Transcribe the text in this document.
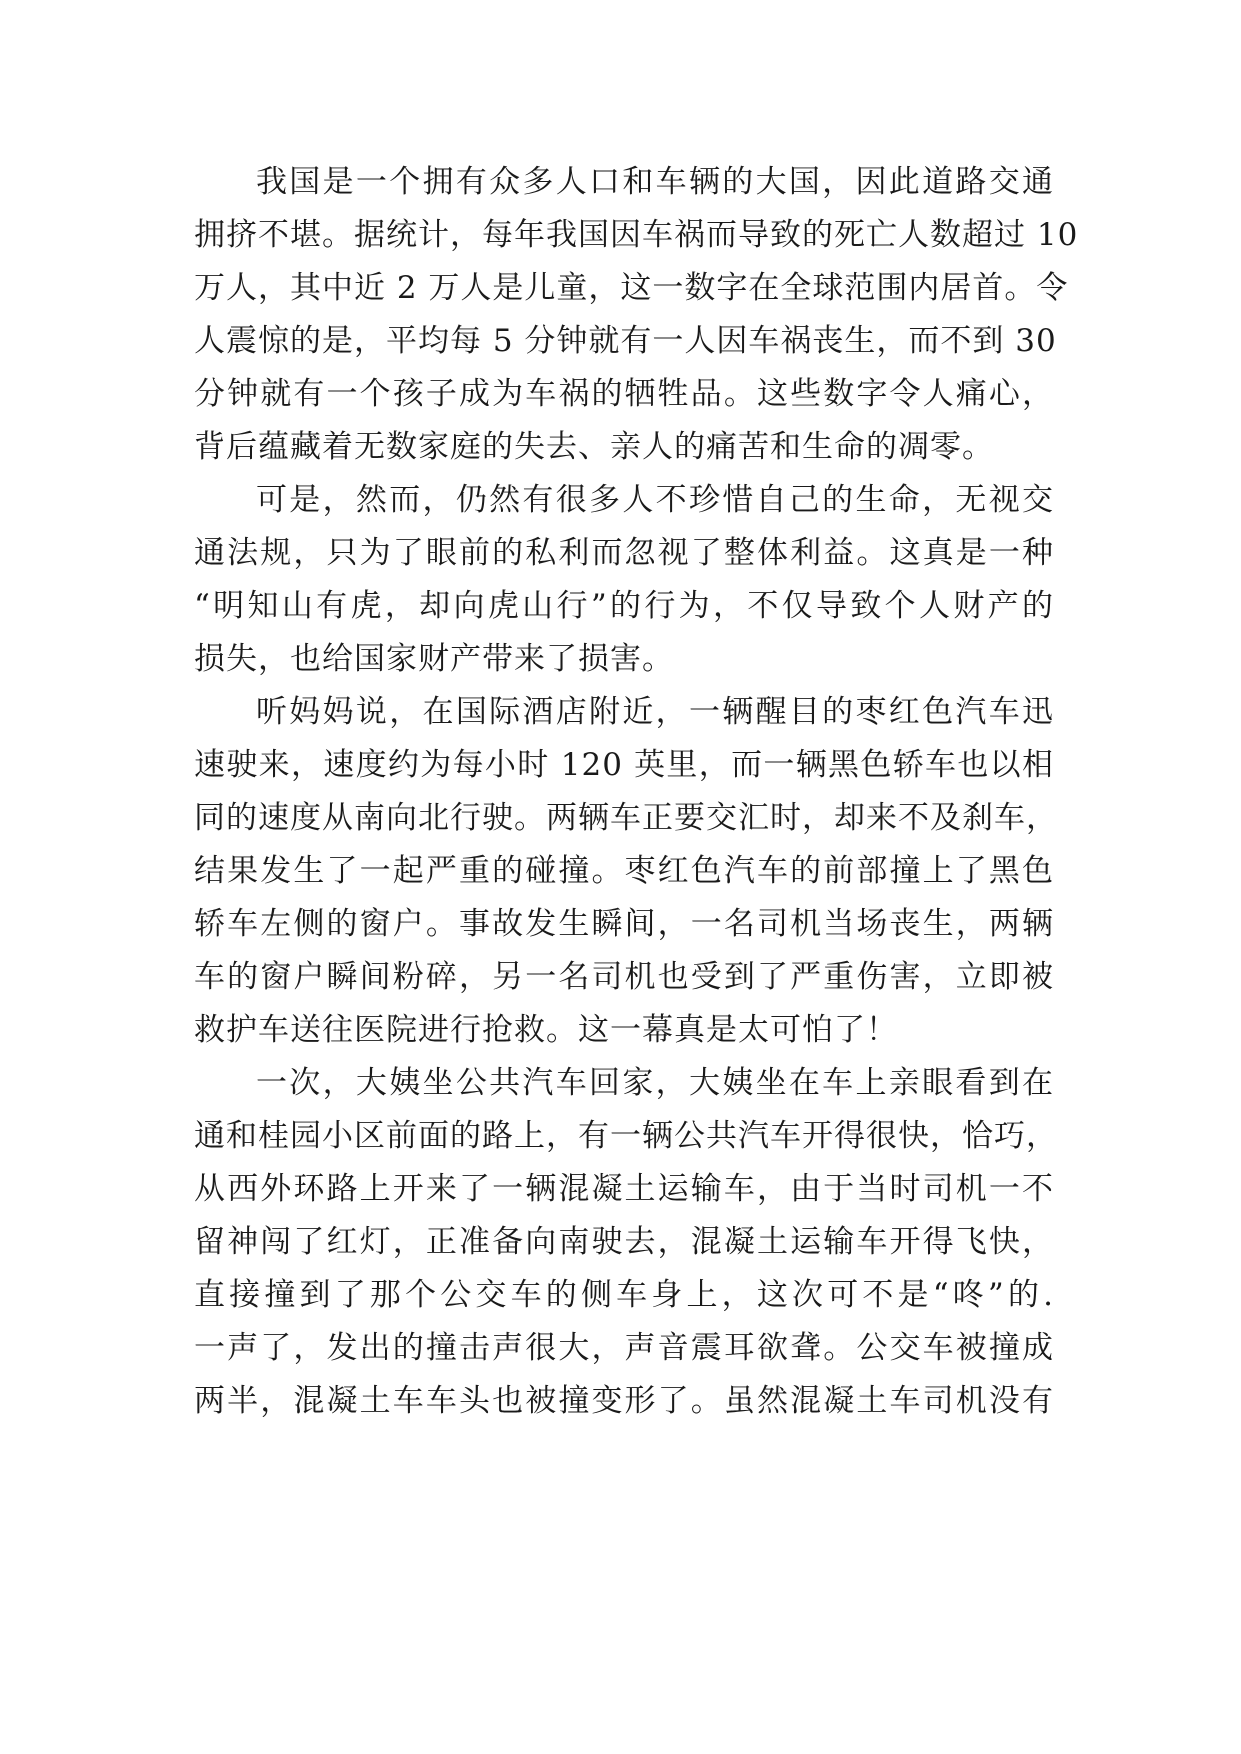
我国是一个拥有众多人口和车辆的大国，因此道路交通
拥挤不堪。据统计，每年我国因车祸而导致的死亡人数超过 10
万人，其中近 2 万人是儿童，这一数字在全球范围内居首。令
人震惊的是，平均每 5 分钟就有一人因车祸丧生，而不到 30
分钟就有一个孩子成为车祸的牺牲品。这些数字令人痛心，
背后蕴藏着无数家庭的失去、亲人的痛苦和生命的凋零。
可是，然而，仍然有很多人不珍惜自己的生命，无视交
通法规，只为了眼前的私利而忽视了整体利益。这真是一种
“明知山有虎，却向虎山行”的行为，不仅导致个人财产的
损失，也给国家财产带来了损害。
听妈妈说，在国际酒店附近，一辆醒目的枣红色汽车迅
速驶来，速度约为每小时 120 英里，而一辆黑色轿车也以相
同的速度从南向北行驶。两辆车正要交汇时，却来不及刹车，
结果发生了一起严重的碰撞。枣红色汽车的前部撞上了黑色
轿车左侧的窗户。事故发生瞬间，一名司机当场丧生，两辆
车的窗户瞬间粉碎，另一名司机也受到了严重伤害，立即被
救护车送往医院进行抢救。这一幕真是太可怕了！
一次，大姨坐公共汽车回家，大姨坐在车上亲眼看到在
通和桂园小区前面的路上，有一辆公共汽车开得很快，恰巧，
从西外环路上开来了一辆混凝土运输车，由于当时司机一不
留神闯了红灯，正准备向南驶去，混凝土运输车开得飞快，
直接撞到了那个公交车的侧车身上，这次可不是“咚”的.
一声了，发出的撞击声很大，声音震耳欲聋。公交车被撞成
两半，混凝土车车头也被撞变形了。虽然混凝土车司机没有
